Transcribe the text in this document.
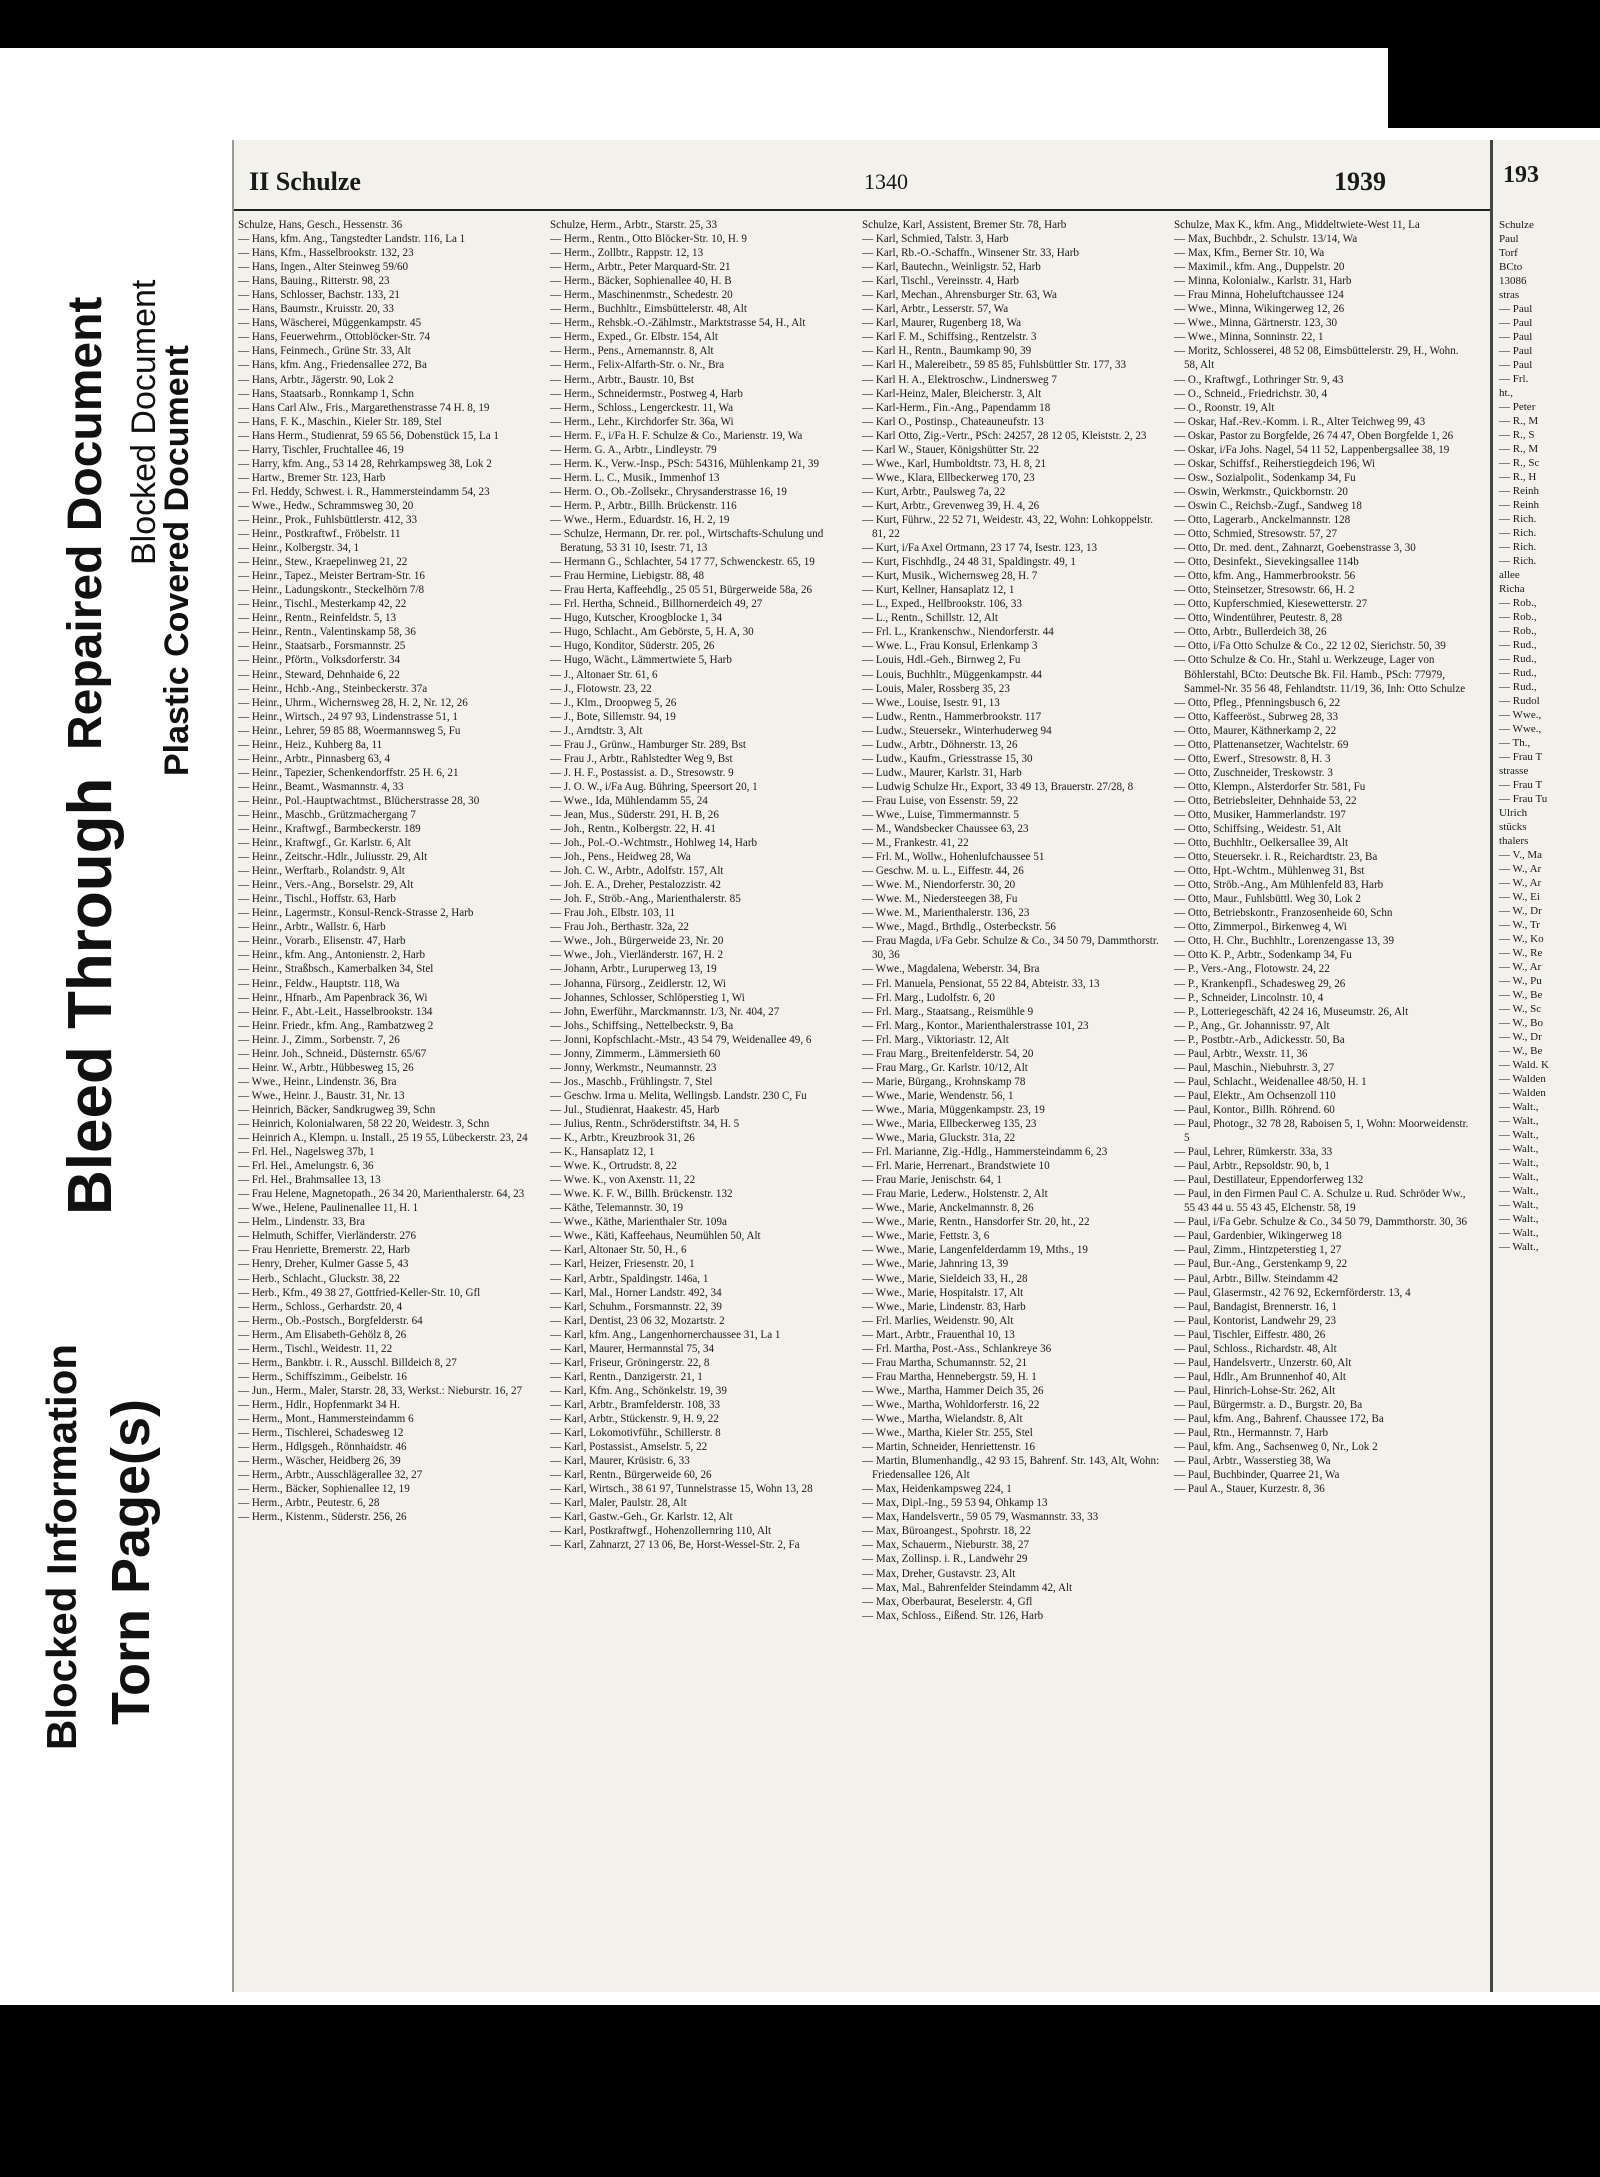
Blocked Information Torn Page(s)
Bleed Through
Repaired Document Plastic Covered Document
Blocked Document
II Schulze	1340	1939

Schulze, Hans, Gesch., Hessenstr. 36

— Hans, kfm. Ang., Tangstedter Landstr. 116, La 1

— Hans, Kfm., Hasselbrookstr. 132, 23

— Hans, Ingen., Alter Steinweg 59/60

— Hans, Bauing., Ritterstr. 98, 23

— Hans, Schlosser, Bachstr. 133, 21

— Hans, Baumstr., Kruisstr. 20, 33

— Hans, Wäscherei, Müggenkampstr. 45

— Hans, Feuerwehrm., Ottoblöcker-Str. 74

— Hans, Feinmech., Grüne Str. 33, Alt

— Hans, kfm. Ang., Friedensallee 272, Ba

— Hans, Arbtr., Jägerstr. 90, Lok 2

— Hans, Staatsarb., Ronnkamp 1, Schn

— Hans Carl Alw., Fris., Margarethenstrasse 74 H. 8, 19

— Hans, F. K., Maschin., Kieler Str. 189, Stel

— Hans Herm., Studienrat, 59 65 56, Dobenstück 15, La 1

— Harry, Tischler, Fruchtallee 46, 19

— Harry, kfm. Ang., 53 14 28, Rehrkampsweg 38, Lok 2

— Hartw., Bremer Str. 123, Harb

— Frl. Heddy, Schwest. i. R., Hammersteindamm 54, 23

— Wwe., Hedw., Schrammsweg 30, 20

— Heinr., Prok., Fuhlsbüttlerstr. 412, 33

— Heinr., Postkraftwf., Fröbelstr. 11

— Heinr., Kolbergstr. 34, 1

— Heinr., Stew., Kraepelinweg 21, 22

— Heinr., Tapez., Meister Bertram-Str. 16

— Heinr., Ladungskontr., Steckelhörn 7/8

— Heinr., Tischl., Mesterkamp 42, 22

— Heinr., Rentn., Reinfeldstr. 5, 13

— Heinr., Rentn., Valentinskamp 58, 36

— Heinr., Staatsarb., Forsmannstr. 25

— Heinr., Pförtn., Volksdorferstr. 34

— Heinr., Steward, Dehnhaide 6, 22

— Heinr., Hchb.-Ang., Steinbeckerstr. 37a

— Heinr., Uhrm., Wichernsweg 28, H. 2, Nr. 12, 26

— Heinr., Wirtsch., 24 97 93, Lindenstrasse 51, 1

— Heinr., Lehrer, 59 85 88, Woermannsweg 5, Fu

— Heinr., Heiz., Kuhberg 8a, 11

— Heinr., Arbtr., Pinnasberg 63, 4

— Heinr., Tapezier, Schenkendorffstr. 25 H. 6, 21

— Heinr., Beamt., Wasmannstr. 4, 33

— Heinr., Pol.-Hauptwachtmst., Blücherstrasse 28, 30

— Heinr., Maschb., Grützmachergang 7

— Heinr., Kraftwgf., Barmbeckerstr. 189

— Heinr., Kraftwgf., Gr. Karlstr. 6, Alt

— Heinr., Zeitschr.-Hdlr., Juliusstr. 29, Alt

— Heinr., Werftarb., Rolandstr. 9, Alt

— Heinr., Vers.-Ang., Borselstr. 29, Alt

— Heinr., Tischl., Hoffstr. 63, Harb

— Heinr., Lagermstr., Konsul-Renck-Strasse 2, Harb

— Heinr., Arbtr., Wallstr. 6, Harb

— Heinr., Vorarb., Elisenstr. 47, Harb

— Heinr., kfm. Ang., Antonienstr. 2, Harb

— Heinr., Straßbsch., Kamerbalken 34, Stel

— Heinr., Feldw., Hauptstr. 118, Wa

— Heinr., Hfnarb., Am Papenbrack 36, Wi

— Heinr. F., Abt.-Leit., Hasselbrookstr. 134

— Heinr. Friedr., kfm. Ang., Rambatzweg 2

— Heinr. J., Zimm., Sorbenstr. 7, 26

— Heinr. Joh., Schneid., Düsternstr. 65/67

— Heinr. W., Arbtr., Hübbesweg 15, 26

— Wwe., Heinr., Lindenstr. 36, Bra

— Wwe., Heinr. J., Baustr. 31, Nr. 13

— Heinrich, Bäcker, Sandkrugweg 39, Schn

— Heinrich, Kolonialwaren, 58 22 20, Weidestr. 3, Schn

— Heinrich A., Klempn. u. Install., 25 19 55, Lübeckerstr. 23, 24

— Frl. Hel., Nagelsweg 37b, 1

— Frl. Hel., Amelungstr. 6, 36

— Frl. Hel., Brahmsallee 13, 13

— Frau Helene, Magnetopath., 26 34 20, Marienthalerstr. 64, 23

— Wwe., Helene, Paulinenallee 11, H. 1

— Helm., Lindenstr. 33, Bra

— Helmuth, Schiffer, Vierländerstr. 276

— Frau Henriette, Bremerstr. 22, Harb

— Henry, Dreher, Kulmer Gasse 5, 43

— Herb., Schlacht., Gluckstr. 38, 22

— Herb., Kfm., 49 38 27, Gottfried-Keller-Str. 10, Gfl

— Herm., Schloss., Gerhardstr. 20, 4

— Herm., Ob.-Postsch., Borgfelderstr. 64

— Herm., Am Elisabeth-Gehölz 8, 26

— Herm., Tischl., Weidestr. 11, 22

— Herm., Bankbtr. i. R., Ausschl. Billdeich 8, 27

— Herm., Schiffszimm., Geibelstr. 16

— Jun., Herm., Maler, Starstr. 28, 33, Werkst.: Nieburstr. 16, 27

— Herm., Hdlr., Hopfenmarkt 34 H.

— Herm., Mont., Hammersteindamm 6

— Herm., Tischlerei, Schadesweg 12

— Herm., Hdlgsgeh., Rönnhaidstr. 46

— Herm., Wäscher, Heidberg 26, 39

— Herm., Arbtr., Ausschlägerallee 32, 27

— Herm., Bäcker, Sophienallee 12, 19

— Herm., Arbtr., Peutestr. 6, 28

— Herm., Kistenm., Süderstr. 256, 26

Schulze, Herm., Arbtr., Starstr. 25, 33

— Herm., Rentn., Otto Blöcker-Str. 10, H. 9

— Herm., Zollbtr., Rappstr. 12, 13

— Herm., Arbtr., Peter Marquard-Str. 21

— Herm., Bäcker, Sophienallee 40, H. B

— Herm., Maschinenmstr., Schedestr. 20

— Herm., Buchhltr., Eimsbüttelerstr. 48, Alt

— Herm., Rehsbk.-O.-Zählmstr., Marktstrasse 54, H., Alt

— Herm., Exped., Gr. Elbstr. 154, Alt

— Herm., Pens., Arnemannstr. 8, Alt

— Herm., Felix-Alfarth-Str. o. Nr., Bra

— Herm., Arbtr., Baustr. 10, Bst

— Herm., Schneidermstr., Postweg 4, Harb

— Herm., Schloss., Lengerckestr. 11, Wa

— Herm., Lehr., Kirchdorfer Str. 36a, Wi

— Herm. F., i/Fa H. F. Schulze & Co., Marienstr. 19, Wa

— Herm. G. A., Arbtr., Lindleystr. 79

— Herm. K., Verw.-Insp., PSch: 54316, Mühlenkamp 21, 39

— Herm. L. C., Musik., Immenhof 13

— Herm. O., Ob.-Zollsekr., Chrysanderstrasse 16, 19

— Herm. P., Arbtr., Billh. Brückenstr. 116

— Wwe., Herm., Eduardstr. 16, H. 2, 19

— Schulze, Hermann, Dr. rer. pol., Wirtschafts-Schulung und Beratung, 53 31 10, Isestr. 71, 13

— Hermann G., Schlachter, 54 17 77, Schwenckestr. 65, 19

— Frau Hermine, Liebigstr. 88, 48

— Frau Herta, Kaffeehdlg., 25 05 51, Bürgerweide 58a, 26

— Frl. Hertha, Schneid., Billhornerdeich 49, 27

— Hugo, Kutscher, Kroogblocke 1, 34

— Hugo, Schlacht., Am Gebörste, 5, H. A, 30

— Hugo, Konditor, Süderstr. 205, 26

— Hugo, Wächt., Lämmertwiete 5, Harb

— J., Altonaer Str. 61, 6

— J., Flotowstr. 23, 22

— J., Klm., Droopweg 5, 26

— J., Bote, Sillemstr. 94, 19

— J., Arndtstr. 3, Alt

— Frau J., Grünw., Hamburger Str. 289, Bst

— Frau J., Arbtr., Rahlstedter Weg 9, Bst

— J. H. F., Postassist. a. D., Stresowstr. 9

— J. O. W., i/Fa Aug. Bühring, Speersort 20, 1

— Wwe., Ida, Mühlendamm 55, 24

— Jean, Mus., Süderstr. 291, H. B, 26

— Joh., Rentn., Kolbergstr. 22, H. 41

— Joh., Pol.-O.-Wchtmstr., Hohlweg 14, Harb

— Joh., Pens., Heidweg 28, Wa

— Joh. C. W., Arbtr., Adolfstr. 157, Alt

— Joh. E. A., Dreher, Pestalozzistr. 42

— Joh. F., Ströb.-Ang., Marienthalerstr. 85

— Frau Joh., Elbstr. 103, 11

— Frau Joh., Berthastr. 32a, 22

— Wwe., Joh., Bürgerweide 23, Nr. 20

— Wwe., Joh., Vierländerstr. 167, H. 2

— Johann, Arbtr., Luruperweg 13, 19

— Johanna, Fürsorg., Zeidlerstr. 12, Wi

— Johannes, Schlosser, Schlöperstieg 1, Wi

— John, Ewerführ., Marckmannstr. 1/3, Nr. 404, 27

— Johs., Schiffsing., Nettelbeckstr. 9, Ba

— Jonni, Kopfschlacht.-Mstr., 43 54 79, Weidenallee 49, 6

— Jonny, Zimmerm., Lämmersieth 60

— Jonny, Werkmstr., Neumannstr. 23

— Jos., Maschb., Frühlingstr. 7, Stel

— Geschw. Irma u. Melita, Wellingsb. Landstr. 230 C, Fu

— Jul., Studienrat, Haakestr. 45, Harb

— Julius, Rentn., Schröderstiftstr. 34, H. 5

— K., Arbtr., Kreuzbrook 31, 26

— K., Hansaplatz 12, 1

— Wwe. K., Ortrudstr. 8, 22

— Wwe. K., von Axenstr. 11, 22

— Wwe. K. F. W., Billh. Brückenstr. 132

— Käthe, Telemannstr. 30, 19

— Wwe., Käthe, Marienthaler Str. 109a

— Wwe., Käti, Kaffeehaus, Neumühlen 50, Alt

— Karl, Altonaer Str. 50, H., 6

— Karl, Heizer, Friesenstr. 20, 1

— Karl, Arbtr., Spaldingstr. 146a, 1

— Karl, Mal., Horner Landstr. 492, 34

— Karl, Schuhm., Forsmannstr. 22, 39

— Karl, Dentist, 23 06 32, Mozartstr. 2

— Karl, kfm. Ang., Langenhornerchaussee 31, La 1

— Karl, Maurer, Hermannstal 75, 34

— Karl, Friseur, Gröningerstr. 22, 8

— Karl, Rentn., Danzigerstr. 21, 1

— Karl, Kfm. Ang., Schönkelstr. 19, 39

— Karl, Arbtr., Bramfelderstr. 108, 33

— Karl, Arbtr., Stückenstr. 9, H. 9, 22

— Karl, Lokomotivführ., Schillerstr. 8

— Karl, Postassist., Amselstr. 5, 22

— Karl, Maurer, Krüsistr. 6, 33

— Karl, Rentn., Bürgerweide 60, 26

— Karl, Wirtsch., 38 61 97, Tunnelstrasse 15, Wohn 13, 28

— Karl, Maler, Paulstr. 28, Alt

— Karl, Gastw.-Geh., Gr. Karlstr. 12, Alt

— Karl, Postkraftwgf., Hohenzollernring 110, Alt

— Karl, Zahnarzt, 27 13 06, Be, Horst-Wessel-Str. 2, Fa

Schulze, Karl, Assistent, Bremer Str. 78, Harb

— Karl, Schmied, Talstr. 3, Harb

— Karl, Rb.-O.-Schaffn., Winsener Str. 33, Harb

— Karl, Bautechn., Weinligstr. 52, Harb

— Karl, Tischl., Vereinsstr. 4, Harb

— Karl, Mechan., Ahrensburger Str. 63, Wa

— Karl, Arbtr., Lesserstr. 57, Wa

— Karl, Maurer, Rugenberg 18, Wa

— Karl F. M., Schiffsing., Rentzelstr. 3

— Karl H., Rentn., Baumkamp 90, 39

— Karl H., Malereibetr., 59 85 85, Fuhlsbüttler Str. 177, 33

— Karl H. A., Elektroschw., Lindnersweg 7

— Karl-Heinz, Maler, Bleicherstr. 3, Alt

— Karl-Herm., Fin.-Ang., Papendamm 18

— Karl O., Postinsp., Chateauneufstr. 13

— Karl Otto, Zig.-Vertr., PSch: 24257, 28 12 05, Kleiststr. 2, 23

— Karl W., Stauer, Königshütter Str. 22

— Wwe., Karl, Humboldtstr. 73, H. 8, 21

— Wwe., Klara, Ellbeckerweg 170, 23

— Kurt, Arbtr., Paulsweg 7a, 22

— Kurt, Arbtr., Grevenweg 39, H. 4, 26

— Kurt, Führw., 22 52 71, Weidestr. 43, 22, Wohn: Lohkoppelstr. 81, 22

— Kurt, i/Fa Axel Ortmann, 23 17 74, Isestr. 123, 13

— Kurt, Fischhdlg., 24 48 31, Spaldingstr. 49, 1

— Kurt, Musik., Wichernsweg 28, H. 7

— Kurt, Kellner, Hansaplatz 12, 1

— L., Exped., Hellbrookstr. 106, 33

— L., Rentn., Schillstr. 12, Alt

— Frl. L., Krankenschw., Niendorferstr. 44

— Wwe. L., Frau Konsul, Erlenkamp 3

— Louis, Hdl.-Geh., Birnweg 2, Fu

— Louis, Buchhltr., Müggenkampstr. 44

— Louis, Maler, Rossberg 35, 23

— Wwe., Louise, Isestr. 91, 13

— Ludw., Rentn., Hammerbrookstr. 117

— Ludw., Steuersekr., Winterhuderweg 94

— Ludw., Arbtr., Döhnerstr. 13, 26

— Ludw., Kaufm., Griesstrasse 15, 30

— Ludw., Maurer, Karlstr. 31, Harb

— Ludwig Schulze Hr., Export, 33 49 13, Brauerstr. 27/28, 8

— Frau Luise, von Essenstr. 59, 22

— Wwe., Luise, Timmermannstr. 5

— M., Wandsbecker Chaussee 63, 23

— M., Frankestr. 41, 22

— Frl. M., Wollw., Hohenlufchaussee 51

— Geschw. M. u. L., Eiffestr. 44, 26

— Wwe. M., Niendorferstr. 30, 20

— Wwe. M., Niedersteegen 38, Fu

— Wwe. M., Marienthalerstr. 136, 23

— Wwe., Magd., Brthdlg., Osterbeckstr. 56

— Frau Magda, i/Fa Gebr. Schulze & Co., 34 50 79, Dammthorstr. 30, 36

— Wwe., Magdalena, Weberstr. 34, Bra

— Frl. Manuela, Pensionat, 55 22 84, Abteistr. 33, 13

— Frl. Marg., Ludolfstr. 6, 20

— Frl. Marg., Staatsang., Reismühle 9

— Frl. Marg., Kontor., Marienthalerstrasse 101, 23

— Frl. Marg., Viktoriastr. 12, Alt

— Frau Marg., Breitenfelderstr. 54, 20

— Frau Marg., Gr. Karlstr. 10/12, Alt

— Marie, Bürgang., Krohnskamp 78

— Wwe., Marie, Wendenstr. 56, 1

— Wwe., Maria, Müggenkampstr. 23, 19

— Wwe., Maria, Ellbeckerweg 135, 23

— Wwe., Maria, Gluckstr. 31a, 22

— Frl. Marianne, Zig.-Hdlg., Hammersteindamm 6, 23

— Frl. Marie, Herrenart., Brandstwiete 10

— Frau Marie, Jenischstr. 64, 1

— Frau Marie, Lederw., Holstenstr. 2, Alt

— Wwe., Marie, Anckelmannstr. 8, 26

— Wwe., Marie, Rentn., Hansdorfer Str. 20, ht., 22

— Wwe., Marie, Fettstr. 3, 6

— Wwe., Marie, Langenfelderdamm 19, Mths., 19

— Wwe., Marie, Jahnring 13, 39

— Wwe., Marie, Sieldeich 33, H., 28

— Wwe., Marie, Hospitalstr. 17, Alt

— Wwe., Marie, Lindenstr. 83, Harb

— Frl. Marlies, Weidenstr. 90, Alt

— Mart., Arbtr., Frauenthal 10, 13

— Frl. Martha, Post.-Ass., Schlankreye 36

— Frau Martha, Schumannstr. 52, 21

— Frau Martha, Hennebergstr. 59, H. 1

— Wwe., Martha, Hammer Deich 35, 26

— Wwe., Martha, Wohldorferstr. 16, 22

— Wwe., Martha, Wielandstr. 8, Alt

— Wwe., Martha, Kieler Str. 255, Stel

— Martin, Schneider, Henriettenstr. 16

— Martin, Blumenhandlg., 42 93 15, Bahrenf. Str. 143, Alt, Wohn: Friedensallee 126, Alt

— Max, Heidenkampsweg 224, 1

— Max, Dipl.-Ing., 59 53 94, Ohkamp 13

— Max, Handelsvertr., 59 05 79, Wasmannstr. 33, 33

— Max, Büroangest., Spohrstr. 18, 22

— Max, Schauerm., Nieburstr. 38, 27

— Max, Zollinsp. i. R., Landwehr 29

— Max, Dreher, Gustavstr. 23, Alt

— Max, Mal., Bahrenfelder Steindamm 42, Alt

— Max, Oberbaurat, Beselerstr. 4, Gfl

— Max, Schloss., Eißend. Str. 126, Harb

Schulze, Max K., kfm. Ang., Middeltwiete-West 11, La

— Max, Buchbdr., 2. Schulstr. 13/14, Wa

— Max, Kfm., Berner Str. 10, Wa

— Maximil., kfm. Ang., Duppelstr. 20

— Minna, Kolonialw., Karlstr. 31, Harb

— Frau Minna, Hoheluftchaussee 124

— Wwe., Minna, Wikingerweg 12, 26

— Wwe., Minna, Gärtnerstr. 123, 30

— Wwe., Minna, Sonninstr. 22, 1

— Moritz, Schlosserei, 48 52 08, Eimsbüttelerstr. 29, H., Wohn. 58, Alt

— O., Kraftwgf., Lothringer Str. 9, 43

— O., Schneid., Friedrichstr. 30, 4

— O., Roonstr. 19, Alt

— Oskar, Haf.-Rev.-Komm. i. R., Alter Teichweg 99, 43

— Oskar, Pastor zu Borgfelde, 26 74 47, Oben Borgfelde 1, 26

— Oskar, i/Fa Johs. Nagel, 54 11 52, Lappenbergsallee 38, 19

— Oskar, Schiffsf., Reiherstiegdeich 196, Wi

— Osw., Sozialpolit., Sodenkamp 34, Fu

— Oswin, Werkmstr., Quickbornstr. 20

— Oswin C., Reichsb.-Zugf., Sandweg 18

— Otto, Lagerarb., Anckelmannstr. 128

— Otto, Schmied, Stresowstr. 57, 27

— Otto, Dr. med. dent., Zahnarzt, Goebenstrasse 3, 30

— Otto, Desinfekt., Sievekingsallee 114b

— Otto, kfm. Ang., Hammerbrookstr. 56

— Otto, Steinsetzer, Stresowstr. 66, H. 2

— Otto, Kupferschmied, Kiesewetterstr. 27

— Otto, Windentührer, Peutestr. 8, 28

— Otto, Arbtr., Bullerdeich 38, 26

— Otto, i/Fa Otto Schulze & Co., 22 12 02, Sierichstr. 50, 39

— Otto Schulze & Co. Hr., Stahl u. Werkzeuge, Lager von Böhlerstahl, BCto: Deutsche Bk. Fil. Hamb., PSch: 77979, Sammel-Nr. 35 56 48, Fehlandtstr. 11/19, 36, Inh: Otto Schulze

— Otto, Pfleg., Pfenningsbusch 6, 22

— Otto, Kaffeeröst., Subrweg 28, 33

— Otto, Maurer, Käthnerkamp 2, 22

— Otto, Plattenansetzer, Wachtelstr. 69

— Otto, Ewerf., Stresowstr. 8, H. 3

— Otto, Zuschneider, Treskowstr. 3

— Otto, Klempn., Alsterdorfer Str. 581, Fu

— Otto, Betriebsleiter, Dehnhaide 53, 22

— Otto, Musiker, Hammerlandstr. 197

— Otto, Schiffsing., Weidestr. 51, Alt

— Otto, Buchhltr., Oelkersallee 39, Alt

— Otto, Steuersekr. i. R., Reichardtstr. 23, Ba

— Otto, Hpt.-Wchtm., Mühlenweg 31, Bst

— Otto, Ströb.-Ang., Am Mühlenfeld 83, Harb

— Otto, Maur., Fuhlsbüttl. Weg 30, Lok 2

— Otto, Betriebskontr., Franzosenheide 60, Schn

— Otto, Zimmerpol., Birkenweg 4, Wi

— Otto, H. Chr., Buchhltr., Lorenzengasse 13, 39

— Otto K. P., Arbtr., Sodenkamp 34, Fu

— P., Vers.-Ang., Flotowstr. 24, 22

— P., Krankenpfl., Schadesweg 29, 26

— P., Schneider, Lincolnstr. 10, 4

— P., Lotteriegeschäft, 42 24 16, Museumstr. 26, Alt

— P., Ang., Gr. Johannisstr. 97, Alt

— P., Postbtr.-Arb., Adickesstr. 50, Ba

— Paul, Arbtr., Wexstr. 11, 36

— Paul, Maschin., Niebuhrstr. 3, 27

— Paul, Schlacht., Weidenallee 48/50, H. 1

— Paul, Elektr., Am Ochsenzoll 110

— Paul, Kontor., Billh. Röhrend. 60

— Paul, Photogr., 32 78 28, Raboisen 5, 1, Wohn: Moorweidenstr. 5

— Paul, Lehrer, Rümkerstr. 33a, 33

— Paul, Arbtr., Repsoldstr. 90, b, 1

— Paul, Destillateur, Eppendorferweg 132

— Paul, in den Firmen Paul C. A. Schulze u. Rud. Schröder Ww., 55 43 44 u. 55 43 45, Elchenstr. 58, 19

— Paul, i/Fa Gebr. Schulze & Co., 34 50 79, Dammthorstr. 30, 36

— Paul, Gardenbier, Wikingerweg 18

— Paul, Zimm., Hintzpeterstieg 1, 27

— Paul, Bur.-Ang., Gerstenkamp 9, 22

— Paul, Arbtr., Billw. Steindamm 42

— Paul, Glasermstr., 42 76 92, Eckernförderstr. 13, 4

— Paul, Bandagist, Brennerstr. 16, 1

— Paul, Kontorist, Landwehr 29, 23

— Paul, Tischler, Eiffestr. 480, 26

— Paul, Schloss., Richardstr. 48, Alt

— Paul, Handelsvertr., Unzerstr. 60, Alt

— Paul, Hdlr., Am Brunnenhof 40, Alt

— Paul, Hinrich-Lohse-Str. 262, Alt

— Paul, Bürgermstr. a. D., Burgstr. 20, Ba

— Paul, kfm. Ang., Bahrenf. Chaussee 172, Ba

— Paul, Rtn., Hermannstr. 7, Harb

— Paul, kfm. Ang., Sachsenweg 0, Nr., Lok 2

— Paul, Arbtr., Wasserstieg 38, Wa

— Paul, Buchbinder, Quarree 21, Wa

— Paul A., Stauer, Kurzestr. 8, 36

193
Schulze
Paul
Torf
BCto
13086
stras
— Paul
— Paul
— Paul
— Paul
— Paul
— Frl.
ht.,
— Peter
— R., M
— R., S
— R., M
— R., Sc
— R., H
— Reinh
— Reinh
— Rich.
— Rich.
— Rich.
— Rich.
allee
Richa
— Rob.,
— Rob.,
— Rob.,
— Rud.,
— Rud.,
— Rud.,
— Rud.,
— Rudol
— Wwe.,
— Wwe.,
— Th.,
— Frau T
strasse
— Frau T
— Frau Tu
Ulrich
stücks
thalers
— V., Ma
— W., Ar
— W., Ar
— W., Ei
— W., Dr
— W., Tr
— W., Ko
— W., Re
— W., Ar
— W., Pu
— W., Be
— W., Sc
— W., Bo
— W., Dr
— W., Be
— Wald. K
— Walden
— Walden
— Walt.,
— Walt.,
— Walt.,
— Walt.,
— Walt.,
— Walt.,
— Walt.,
— Walt.,
— Walt.,
— Walt.,
— Walt.,
